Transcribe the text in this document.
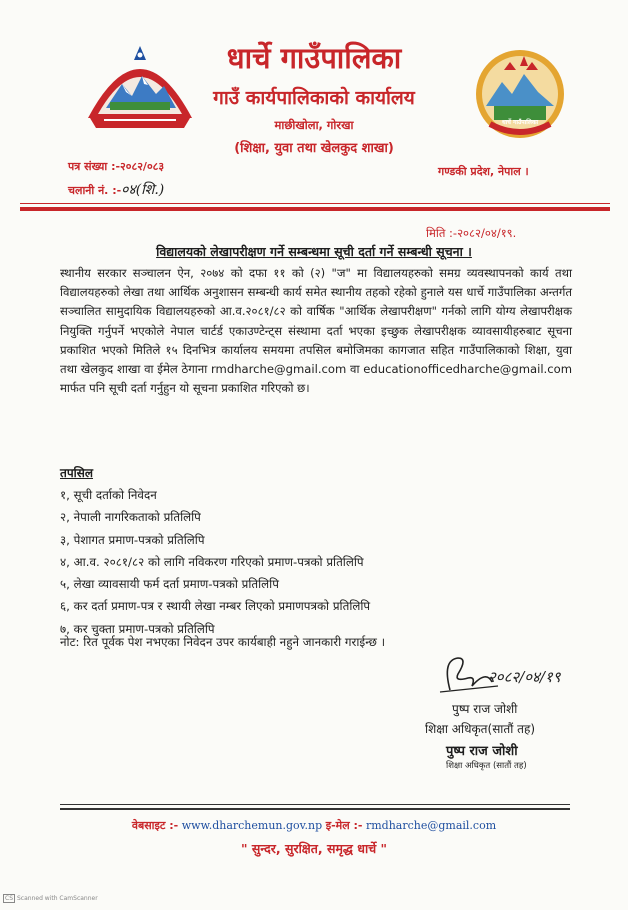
धार्चे गाउँपालिका
धार्चे गाउँपालिका
गाउँ कार्यपालिकाको कार्यालय
माछीखोला, गोरखा
(शिक्षा, युवा तथा खेलकुद शाखा)
पत्र संख्या :-२०८२/०८३
चलानी नं. :-०४(शि.)
गण्डकी प्रदेश, नेपाल ।
मिति :-२०८२/०४/१९.
विद्यालयको लेखापरीक्षण गर्ने सम्बन्धमा सूची दर्ता गर्ने सम्बन्धी सूचना ।
स्थानीय सरकार सञ्चालन ऐन, २०७४ को दफा ११ को (२) "ज" मा विद्यालयहरुको समग्र व्यवस्थापनको कार्य तथा विद्यालयहरुको लेखा तथा आर्थिक अनुशासन सम्बन्धी कार्य समेत स्थानीय तहको रहेको हुनाले यस धार्चे गाउँपालिका अन्तर्गत सञ्चालित सामुदायिक विद्यालयहरुको आ.व.२०८१/८२ को वार्षिक "आर्थिक लेखापरीक्षण" गर्नको लागि योग्य लेखापरीक्षक नियुक्ति गर्नुपर्ने भएकोले नेपाल चार्टर्ड एकाउण्टेन्ट्स संस्थामा दर्ता भएका इच्छुक लेखापरीक्षक व्यावसायीहरुबाट सूचना प्रकाशित भएको मितिले १५ दिनभित्र कार्यालय समयमा तपसिल बमोजिमका कागजात सहित गाउँपालिकाको शिक्षा, युवा तथा खेलकुद शाखा वा ईमेल ठेगाना rmdharche@gmail.com वा educationofficedharche@gmail.com मार्फत पनि सूची दर्ता गर्नुहुन यो सूचना प्रकाशित गरिएको छ।
तपसिल
१, सूची दर्ताको निवेदन
२, नेपाली नागरिकताको प्रतिलिपि
३, पेशागत प्रमाण-पत्रको प्रतिलिपि
४, आ.व. २०८१/८२ को लागि नविकरण गरिएको प्रमाण-पत्रको प्रतिलिपि
५, लेखा व्यावसायी फर्म दर्ता प्रमाण-पत्रको प्रतिलिपि
६, कर दर्ता प्रमाण-पत्र र स्थायी लेखा नम्बर लिएको प्रमाणपत्रको प्रतिलिपि
७, कर चुक्ता प्रमाण-पत्रको प्रतिलिपि
नोट: रित पूर्वक पेश नभएका निवेदन उपर कार्यबाही नहुने जानकारी गराईन्छ ।
२०८२/०४/१९
पुष्प राज जोशी
शिक्षा अधिकृत(सातौं तह)
पुष्प राज जोशी
शिक्षा अधिकृत (सातौं तह)
वेबसाइट :- www.dharchemun.gov.np इ-मेल :- rmdharche@gmail.com
" सुन्दर, सुरक्षित, समृद्ध धार्चे "
CS Scanned with CamScanner
